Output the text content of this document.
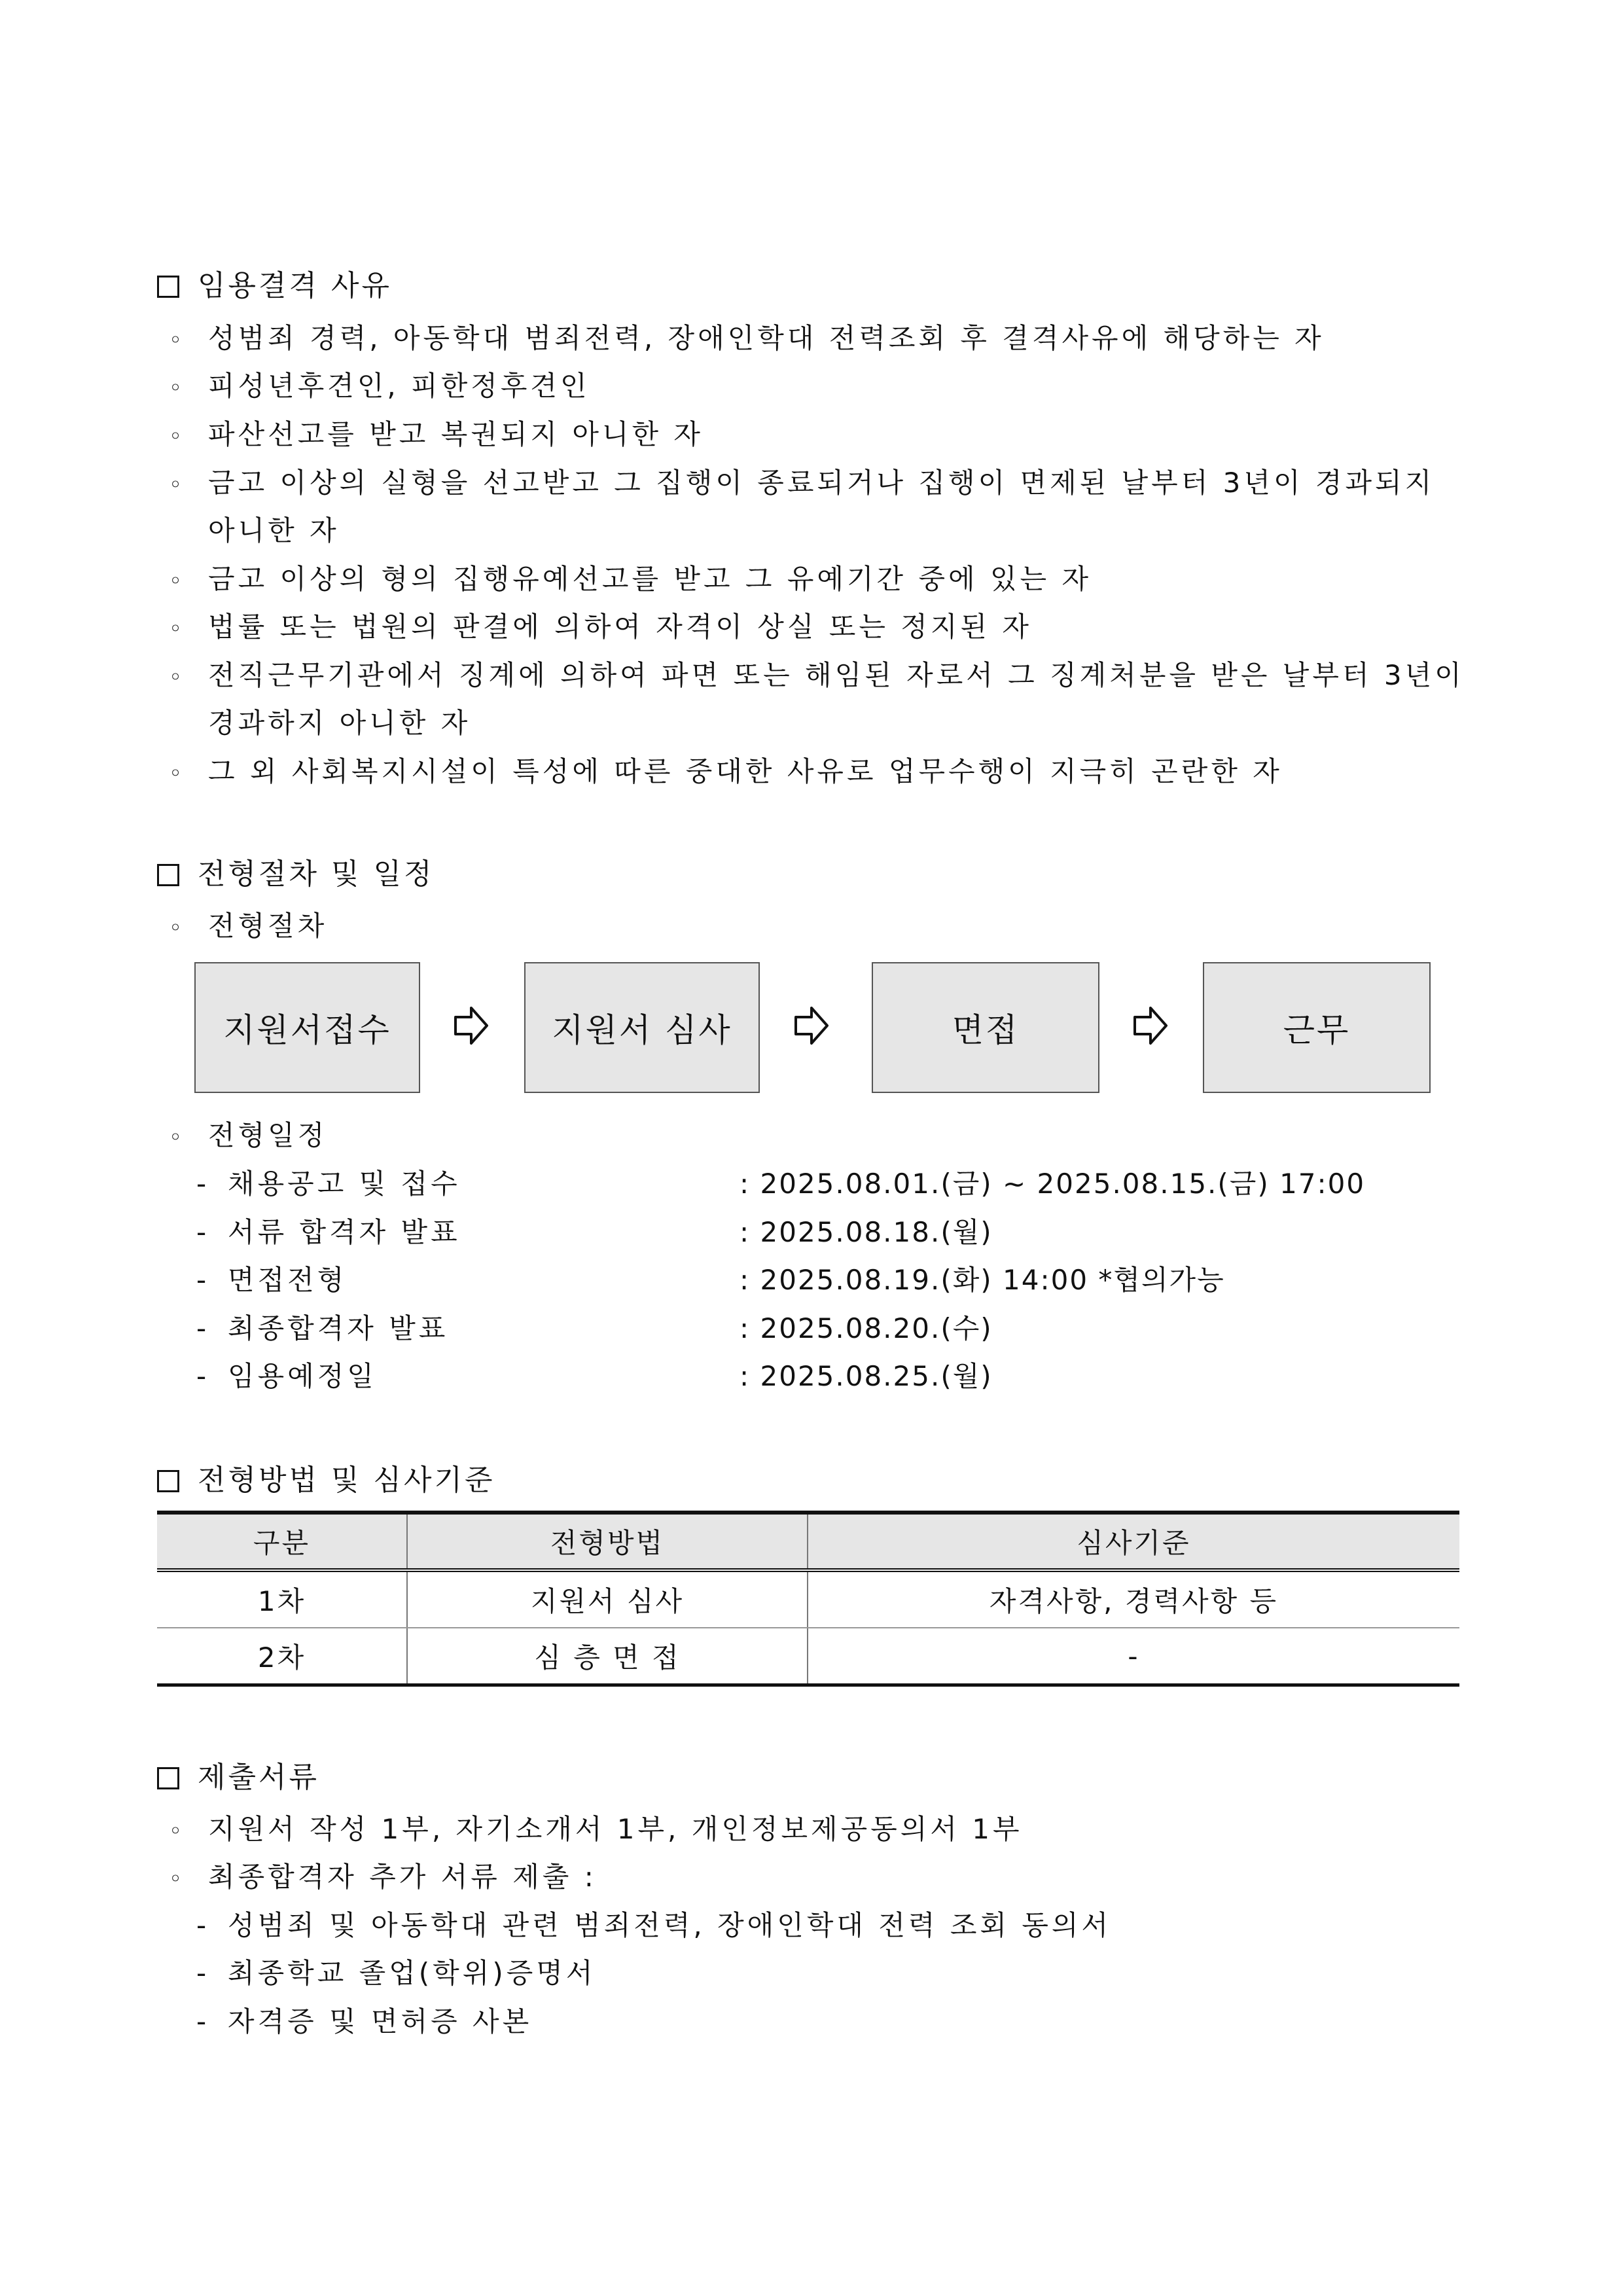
임용결격 사유
◦ 성범죄 경력, 아동학대 범죄전력, 장애인학대 전력조회 후 결격사유에 해당하는 자
◦ 피성년후견인, 피한정후견인
◦ 파산선고를 받고 복권되지 아니한 자
◦ 금고 이상의 실형을 선고받고 그 집행이 종료되거나 집행이 면제된 날부터 3년이 경과되지
아니한 자
◦ 금고 이상의 형의 집행유예선고를 받고 그 유예기간 중에 있는 자
◦ 법률 또는 법원의 판결에 의하여 자격이 상실 또는 정지된 자
◦ 전직근무기관에서 징계에 의하여 파면 또는 해임된 자로서 그 징계처분을 받은 날부터 3년이
경과하지 아니한 자
◦ 그 외 사회복지시설이 특성에 따른 중대한 사유로 업무수행이 지극히 곤란한 자
전형절차 및 일정
◦ 전형절차
지원서접수	지원서 심사	면접	근무
◦ 전형일정
- 채용공고 및 접수	: 2025.08.01.(금) ~ 2025.08.15.(금) 17:00
- 서류 합격자 발표	: 2025.08.18.(월)
- 면접전형	: 2025.08.19.(화) 14:00 *협의가능
- 최종합격자 발표	: 2025.08.20.(수)
- 임용예정일	: 2025.08.25.(월)
전형방법 및 심사기준
구분	전형방법	심사기준
1차	지원서 심사	자격사항, 경력사항 등
2차	심 층 면 접	-
제출서류
◦ 지원서 작성 1부, 자기소개서 1부, 개인정보제공동의서 1부
◦ 최종합격자 추가 서류 제출 :
- 성범죄 및 아동학대 관련 범죄전력, 장애인학대 전력 조회 동의서
- 최종학교 졸업(학위)증명서
- 자격증 및 면허증 사본
